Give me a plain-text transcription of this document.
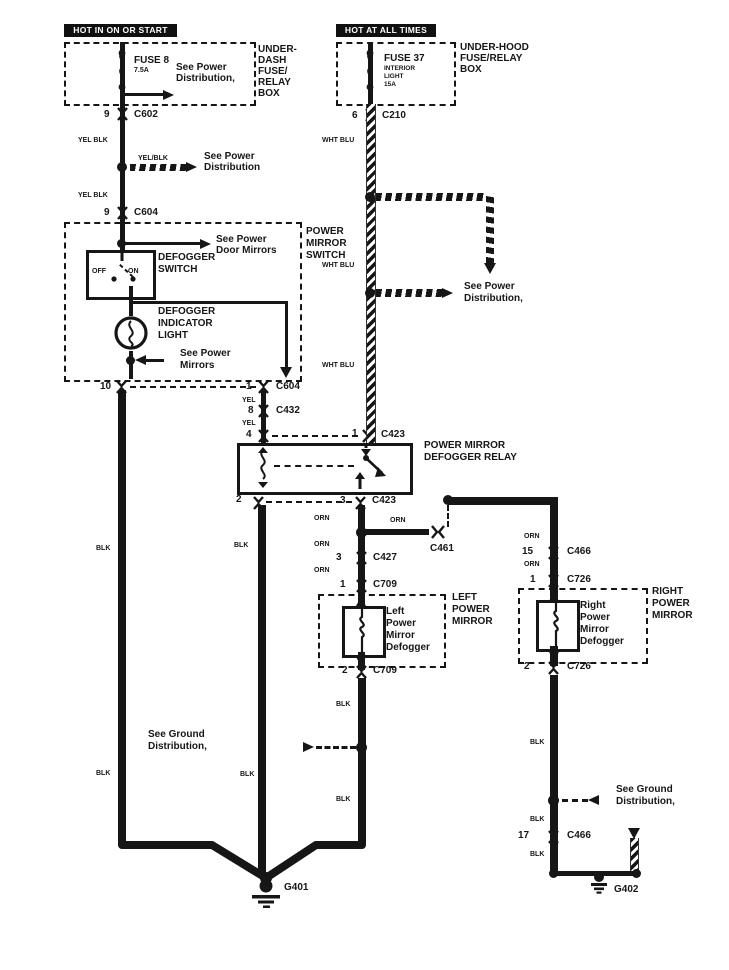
HOT IN ON OR START
FUSE 8
7.5A	See Power
Distribution,
UNDER-
DASH
FUSE/
RELAY
BOX
9 C602
YEL BLK
YEL/BLK	See Power
Distribution
YEL BLK
9 C604
POWER
MIRROR
SWITCH
See Power
Door Mirrors
OFF	ON
DEFOGGER
SWITCH
DEFOGGER
INDICATOR
LIGHT
See Power
Mirrors
10	1 C604
BLK
BLK
YEL
8 C432
YEL
4	1 C423
POWER MIRROR
DEFOGGER RELAY
2	3	C423
HOT AT ALL TIMES
FUSE 37
INTERIOR
LIGHT
15A
UNDER-HOOD
FUSE/RELAY
BOX
6 C210
WHT BLU
WHT BLU
See Power
Distribution,
WHT BLU
ORN	ORN
C461
ORN
3	C427
ORN
1	C709
Left
Power
Mirror
Defogger
LEFT
POWER
MIRROR
2	C709
BLK
See Ground
Distribution,
BLK
BLK
BLK
ORN
15	C466
ORN
1	C726
Right
Power
Mirror
Defogger
RIGHT
POWER
MIRROR
2	C726
BLK
See Ground
Distribution,
BLK
17	C466
BLK
G402
G401
